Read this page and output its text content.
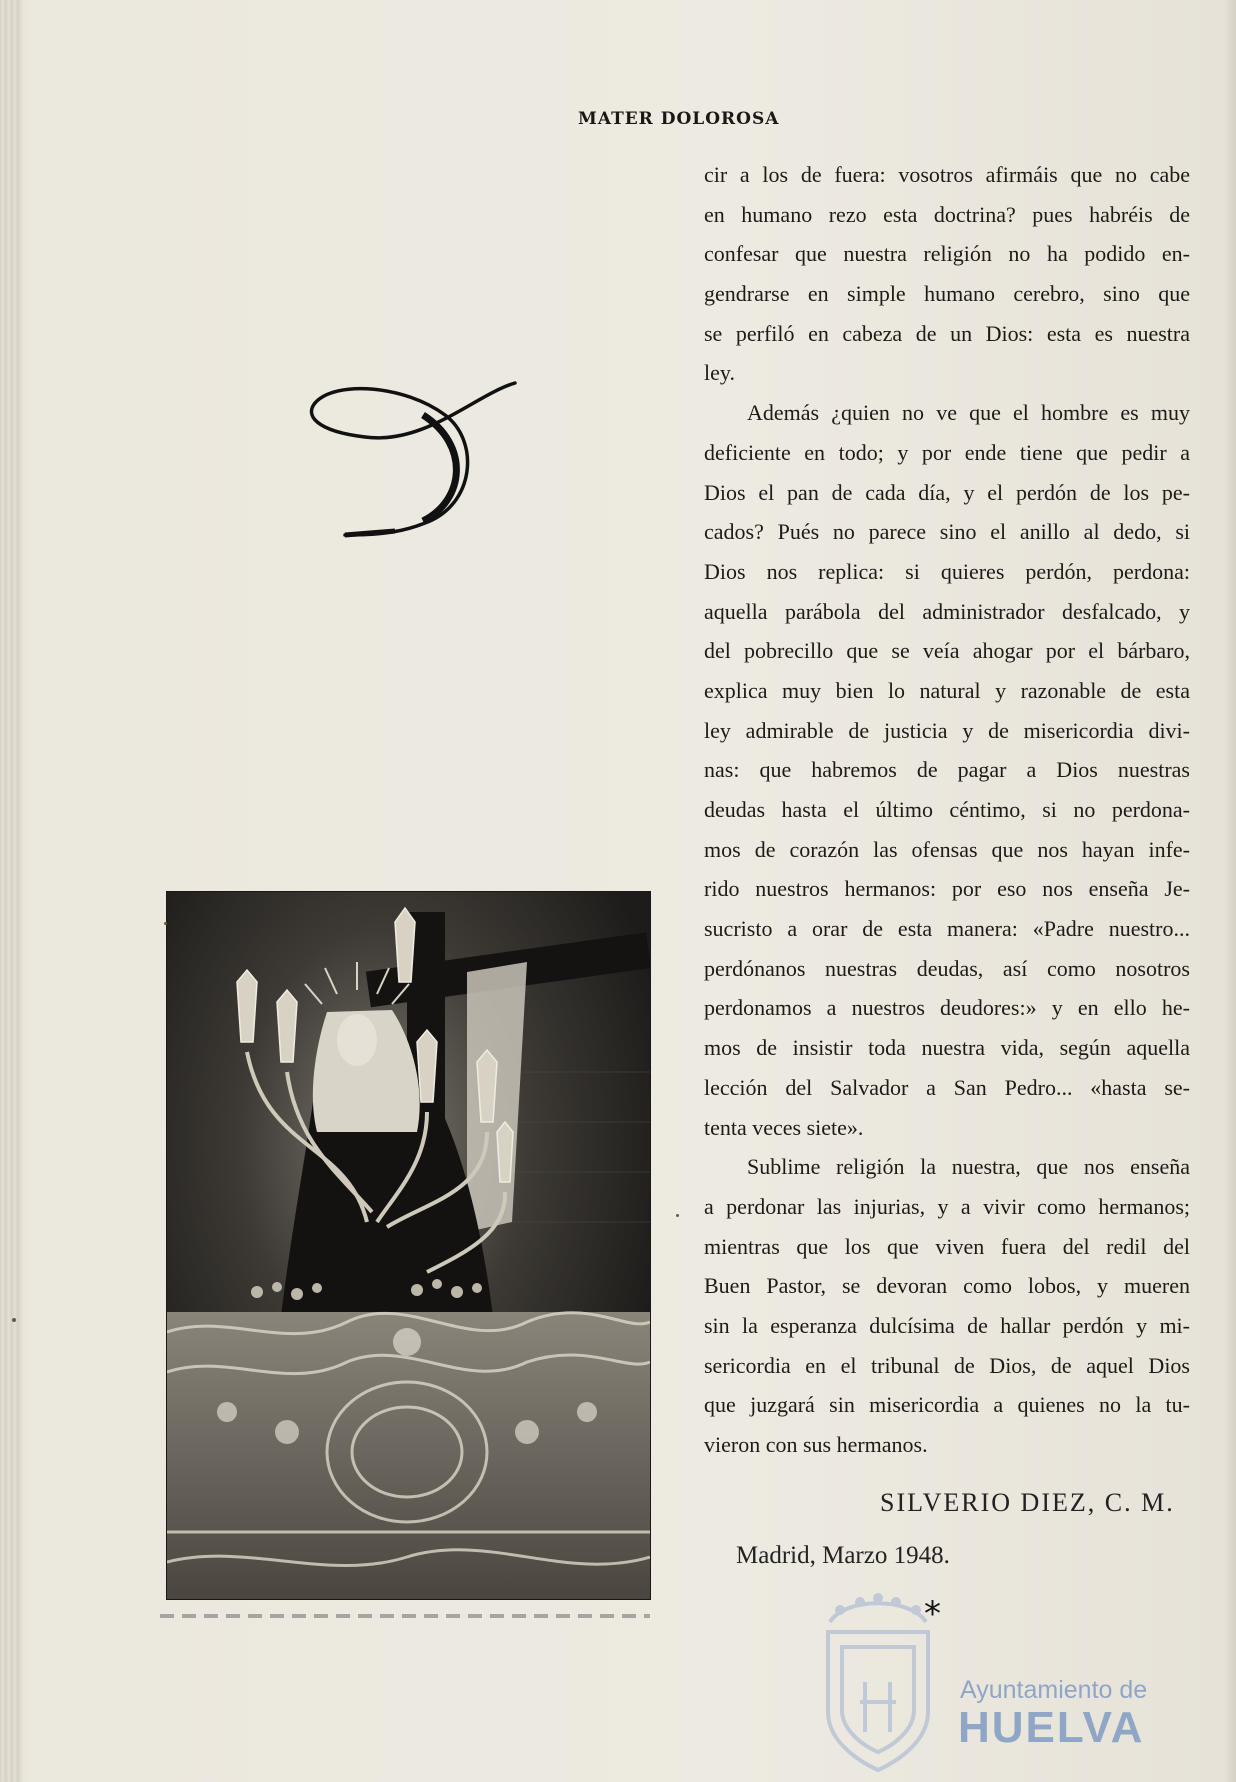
MATER DOLOROSA
cir a los de fuera: vosotros afirmáis que no cabe
en humano rezo esta doctrina? pues habréis de
confesar que nuestra religión no ha podido en-
gendrarse en simple humano cerebro, sino que
se perfiló en cabeza de un Dios: esta es nuestra
ley.
Además ¿quien no ve que el hombre es muy
deficiente en todo; y por ende tiene que pedir a
Dios el pan de cada día, y el perdón de los pe-
cados? Pués no parece sino el anillo al dedo, si
Dios nos replica: si quieres perdón, perdona:
aquella parábola del administrador desfalcado, y
del pobrecillo que se veía ahogar por el bárbaro,
explica muy bien lo natural y razonable de esta
ley admirable de justicia y de misericordia divi-
nas: que habremos de pagar a Dios nuestras
deudas hasta el último céntimo, si no perdona-
mos de corazón las ofensas que nos hayan infe-
rido nuestros hermanos: por eso nos enseña Je-
sucristo a orar de esta manera: «Padre nuestro...
perdónanos nuestras deudas, así como nosotros
perdonamos a nuestros deudores:» y en ello he-
mos de insistir toda nuestra vida, según aquella
lección del Salvador a San Pedro... «hasta se-
tenta veces siete».
Sublime religión la nuestra, que nos enseña
a perdonar las injurias, y a vivir como hermanos;
mientras que los que viven fuera del redil del
Buen Pastor, se devoran como lobos, y mueren
sin la esperanza dulcísima de hallar perdón y mi-
sericordia en el tribunal de Dios, de aquel Dios
que juzgará sin misericordia a quienes no la tu-
vieron con sus hermanos.
SILVERIO DIEZ, C. M.
Madrid, Marzo 1948.
*
Ayuntamiento de
HUELVA
